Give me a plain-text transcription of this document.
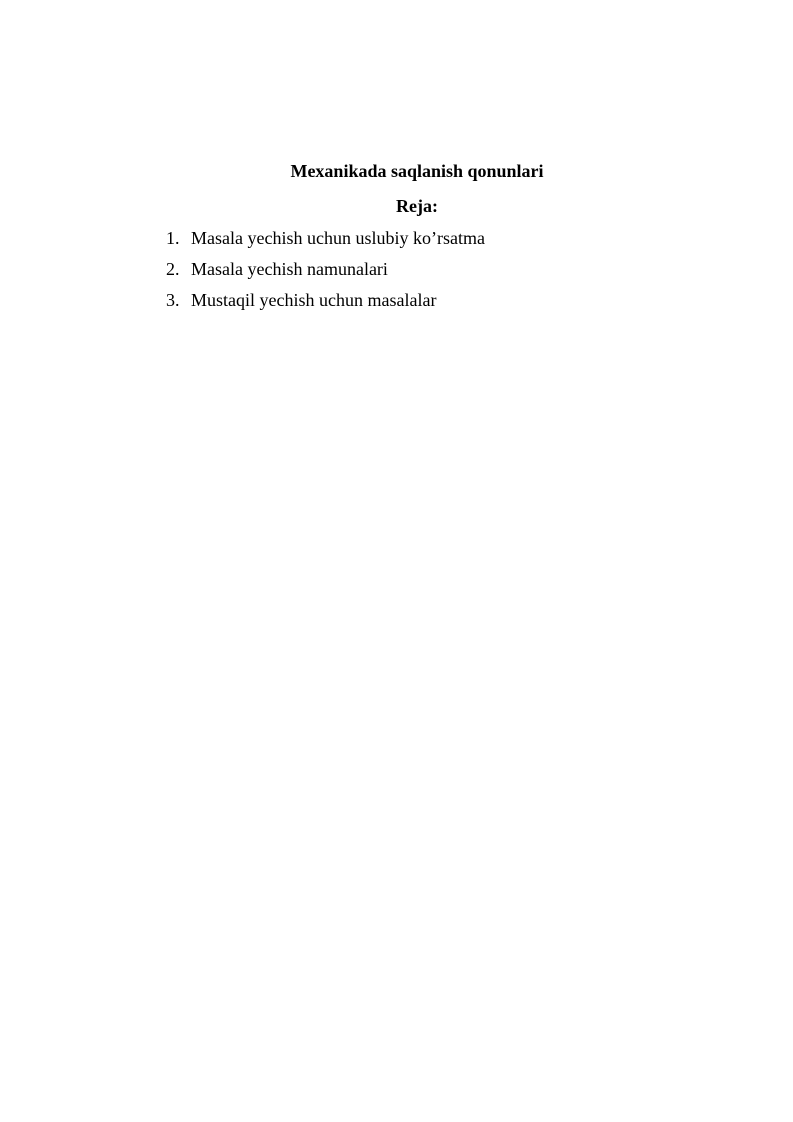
Mexanikada saqlanish qonunlari
Reja:
1. Masala yechish uchun uslubiy ko’rsatma
2. Masala yechish namunalari
3. Mustaqil yechish uchun masalalar
